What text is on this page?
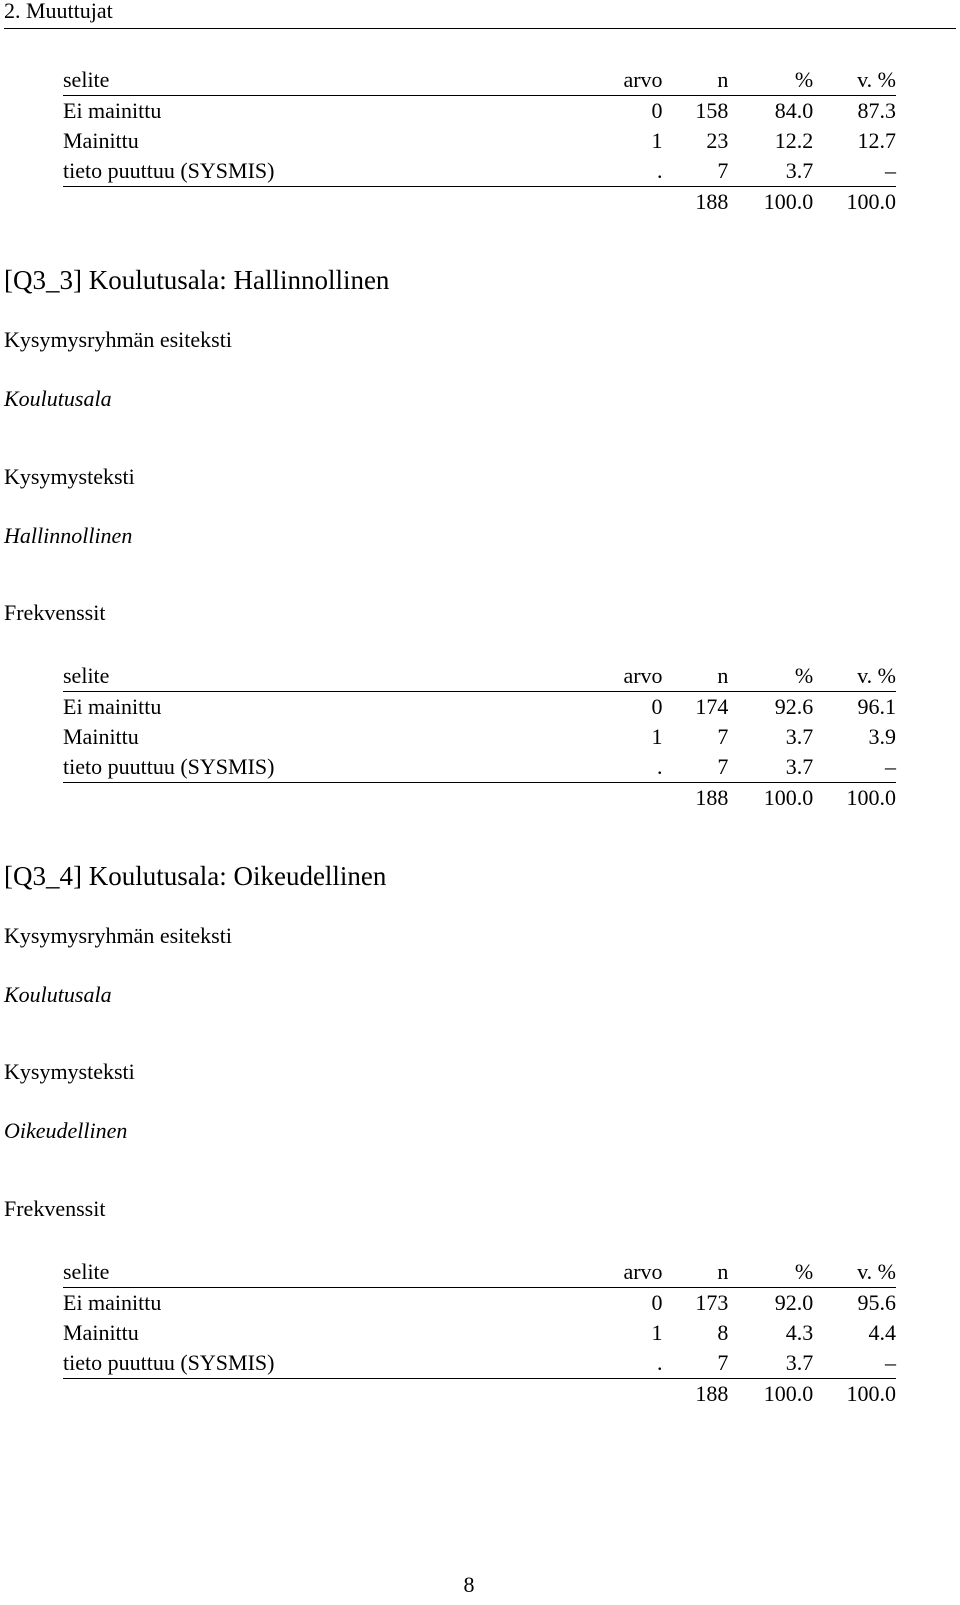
2. Muuttujat
selite	arvo	n	%	v. %
Ei mainittu	0	158	84.0	87.3
Mainittu	1	23	12.2	12.7
tieto puuttuu (SYSMIS)	.	7	3.7	–
		188	100.0	100.0
[Q3_3] Koulutusala: Hallinnollinen
Kysymysryhmän esiteksti
Koulutusala
Kysymysteksti
Hallinnollinen
Frekvenssit
selite	arvo	n	%	v. %
Ei mainittu	0	174	92.6	96.1
Mainittu	1	7	3.7	3.9
tieto puuttuu (SYSMIS)	.	7	3.7	–
		188	100.0	100.0
[Q3_4] Koulutusala: Oikeudellinen
Kysymysryhmän esiteksti
Koulutusala
Kysymysteksti
Oikeudellinen
Frekvenssit
selite	arvo	n	%	v. %
Ei mainittu	0	173	92.0	95.6
Mainittu	1	8	4.3	4.4
tieto puuttuu (SYSMIS)	.	7	3.7	–
		188	100.0	100.0
8
